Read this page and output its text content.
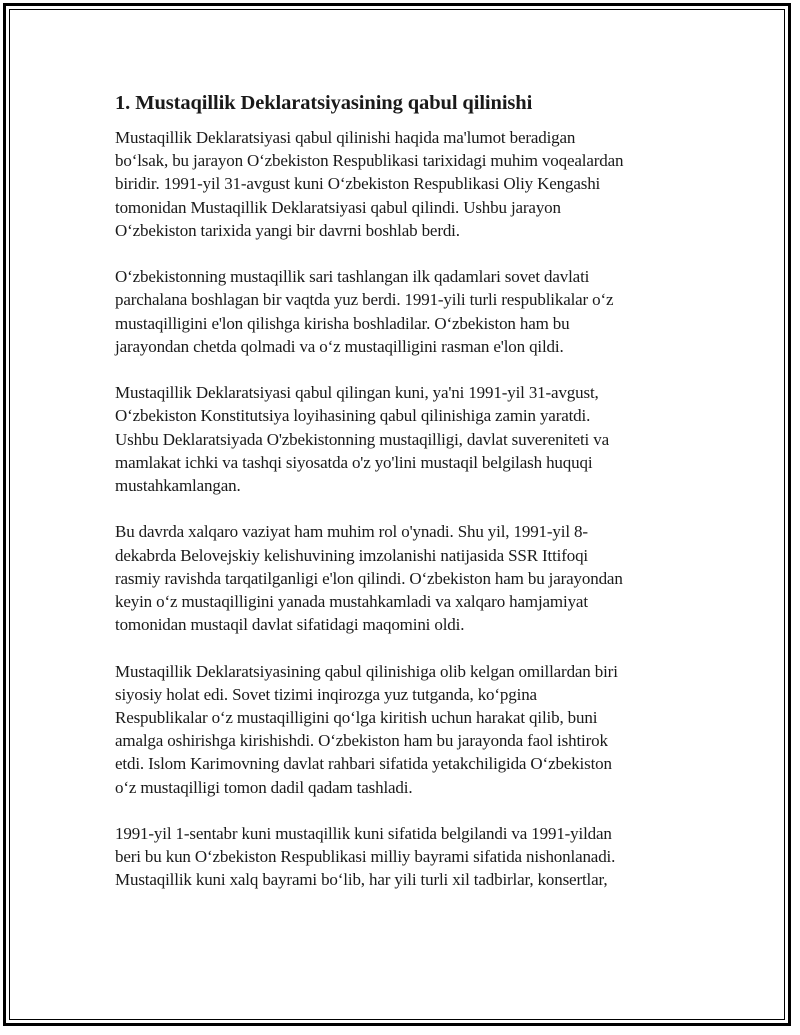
1. Mustaqillik Deklaratsiyasining qabul qilinishi

Mustaqillik Deklaratsiyasi qabul qilinishi haqida ma'lumot beradigan
bo‘lsak, bu jarayon O‘zbekiston Respublikasi tarixidagi muhim voqealardan
biridir. 1991-yil 31-avgust kuni O‘zbekiston Respublikasi Oliy Kengashi
tomonidan Mustaqillik Deklaratsiyasi qabul qilindi. Ushbu jarayon
O‘zbekiston tarixida yangi bir davrni boshlab berdi.

O‘zbekistonning mustaqillik sari tashlangan ilk qadamlari sovet davlati
parchalana boshlagan bir vaqtda yuz berdi. 1991-yili turli respublikalar o‘z
mustaqilligini e'lon qilishga kirisha boshladilar. O‘zbekiston ham bu
jarayondan chetda qolmadi va o‘z mustaqilligini rasman e'lon qildi.

Mustaqillik Deklaratsiyasi qabul qilingan kuni, ya'ni 1991-yil 31-avgust,
O‘zbekiston Konstitutsiya loyihasining qabul qilinishiga zamin yaratdi.
Ushbu Deklaratsiyada O'zbekistonning mustaqilligi, davlat suvereniteti va
mamlakat ichki va tashqi siyosatda o'z yo'lini mustaqil belgilash huquqi
mustahkamlangan.

Bu davrda xalqaro vaziyat ham muhim rol o'ynadi. Shu yil, 1991-yil 8-
dekabrda Belovejskiy kelishuvining imzolanishi natijasida SSR Ittifoqi
rasmiy ravishda tarqatilganligi e'lon qilindi. O‘zbekiston ham bu jarayondan
keyin o‘z mustaqilligini yanada mustahkamladi va xalqaro hamjamiyat
tomonidan mustaqil davlat sifatidagi maqomini oldi.

Mustaqillik Deklaratsiyasining qabul qilinishiga olib kelgan omillardan biri
siyosiy holat edi. Sovet tizimi inqirozga yuz tutganda, ko‘pgina
Respublikalar o‘z mustaqilligini qo‘lga kiritish uchun harakat qilib, buni
amalga oshirishga kirishishdi. O‘zbekiston ham bu jarayonda faol ishtirok
etdi. Islom Karimovning davlat rahbari sifatida yetakchiligida O‘zbekiston
o‘z mustaqilligi tomon dadil qadam tashladi.

1991-yil 1-sentabr kuni mustaqillik kuni sifatida belgilandi va 1991-yildan
beri bu kun O‘zbekiston Respublikasi milliy bayrami sifatida nishonlanadi.
Mustaqillik kuni xalq bayrami bo‘lib, har yili turli xil tadbirlar, konsertlar,
